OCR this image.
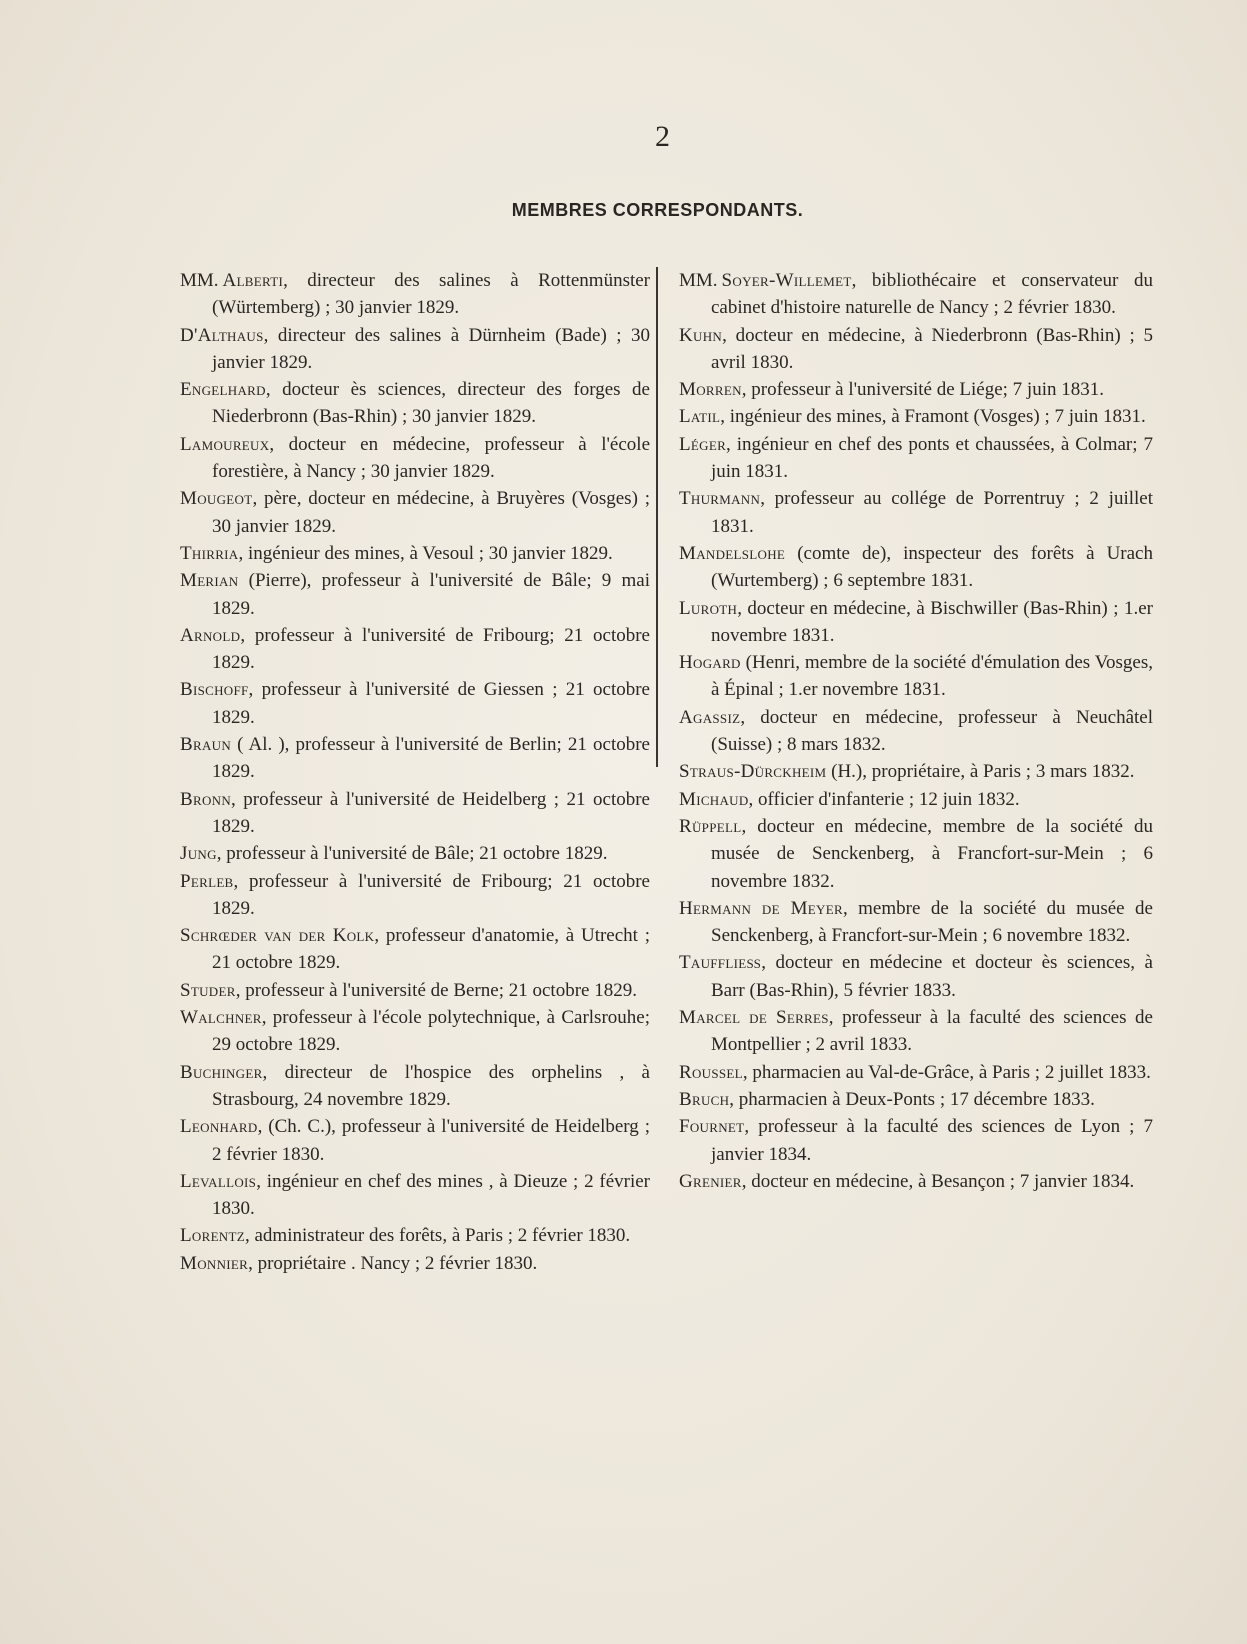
2
MEMBRES CORRESPONDANTS.

MM. Alberti, directeur des salines à Rottenmünster (Würtemberg) ; 30 janvier 1829.

D'Althaus, directeur des salines à Dürnheim (Bade) ; 30 janvier 1829.

Engelhard, docteur ès sciences, directeur des forges de Niederbronn (Bas-Rhin) ; 30 janvier 1829.

Lamoureux, docteur en médecine, professeur à l'école forestière, à Nancy ; 30 janvier 1829.

Mougeot, père, docteur en médecine, à Bruyères (Vosges) ; 30 janvier 1829.

Thirria, ingénieur des mines, à Vesoul ; 30 janvier 1829.

Merian (Pierre), professeur à l'université de Bâle; 9 mai 1829.

Arnold, professeur à l'université de Fribourg; 21 octobre 1829.

Bischoff, professeur à l'université de Giessen ; 21 octobre 1829.

Braun ( Al. ), professeur à l'université de Berlin; 21 octobre 1829.

Bronn, professeur à l'université de Heidelberg ; 21 octobre 1829.

Jung, professeur à l'université de Bâle; 21 octobre 1829.

Perleb, professeur à l'université de Fribourg; 21 octobre 1829.

Schrœder van der Kolk, professeur d'anatomie, à Utrecht ; 21 octobre 1829.

Studer, professeur à l'université de Berne; 21 octobre 1829.

Walchner, professeur à l'école polytechnique, à Carlsrouhe; 29 octobre 1829.

Buchinger, directeur de l'hospice des orphelins , à Strasbourg, 24 novembre 1829.

Leonhard, (Ch. C.), professeur à l'université de Heidelberg ; 2 février 1830.

Levallois, ingénieur en chef des mines , à Dieuze ; 2 février 1830.

Lorentz, administrateur des forêts, à Paris ; 2 février 1830.

Monnier, propriétaire . Nancy ; 2 février 1830.

MM. Soyer-Willemet, bibliothécaire et conservateur du cabinet d'histoire naturelle de Nancy ; 2 février 1830.

Kuhn, docteur en médecine, à Niederbronn (Bas-Rhin) ; 5 avril 1830.

Morren, professeur à l'université de Liége; 7 juin 1831.

Latil, ingénieur des mines, à Framont (Vosges) ; 7 juin 1831.

Léger, ingénieur en chef des ponts et chaussées, à Colmar; 7 juin 1831.

Thurmann, professeur au collége de Porrentruy ; 2 juillet 1831.

Mandelslohe (comte de), inspecteur des forêts à Urach (Wurtemberg) ; 6 septembre 1831.

Luroth, docteur en médecine, à Bischwiller (Bas-Rhin) ; 1.er novembre 1831.

Hogard (Henri, membre de la société d'émulation des Vosges, à Épinal ; 1.er novembre 1831.

Agassiz, docteur en médecine, professeur à Neuchâtel (Suisse) ; 8 mars 1832.

Straus-Dürckheim (H.), propriétaire, à Paris ; 3 mars 1832.

Michaud, officier d'infanterie ; 12 juin 1832.

Rüppell, docteur en médecine, membre de la société du musée de Senckenberg, à Francfort-sur-Mein ; 6 novembre 1832.

Hermann de Meyer, membre de la société du musée de Senckenberg, à Francfort-sur-Mein ; 6 novembre 1832.

Tauffließ, docteur en médecine et docteur ès sciences, à Barr (Bas-Rhin), 5 février 1833.

Marcel de Serres, professeur à la faculté des sciences de Montpellier ; 2 avril 1833.

Roussel, pharmacien au Val-de-Grâce, à Paris ; 2 juillet 1833.

Bruch, pharmacien à Deux-Ponts ; 17 décembre 1833.

Fournet, professeur à la faculté des sciences de Lyon ; 7 janvier 1834.

Grenier, docteur en médecine, à Besançon ; 7 janvier 1834.
